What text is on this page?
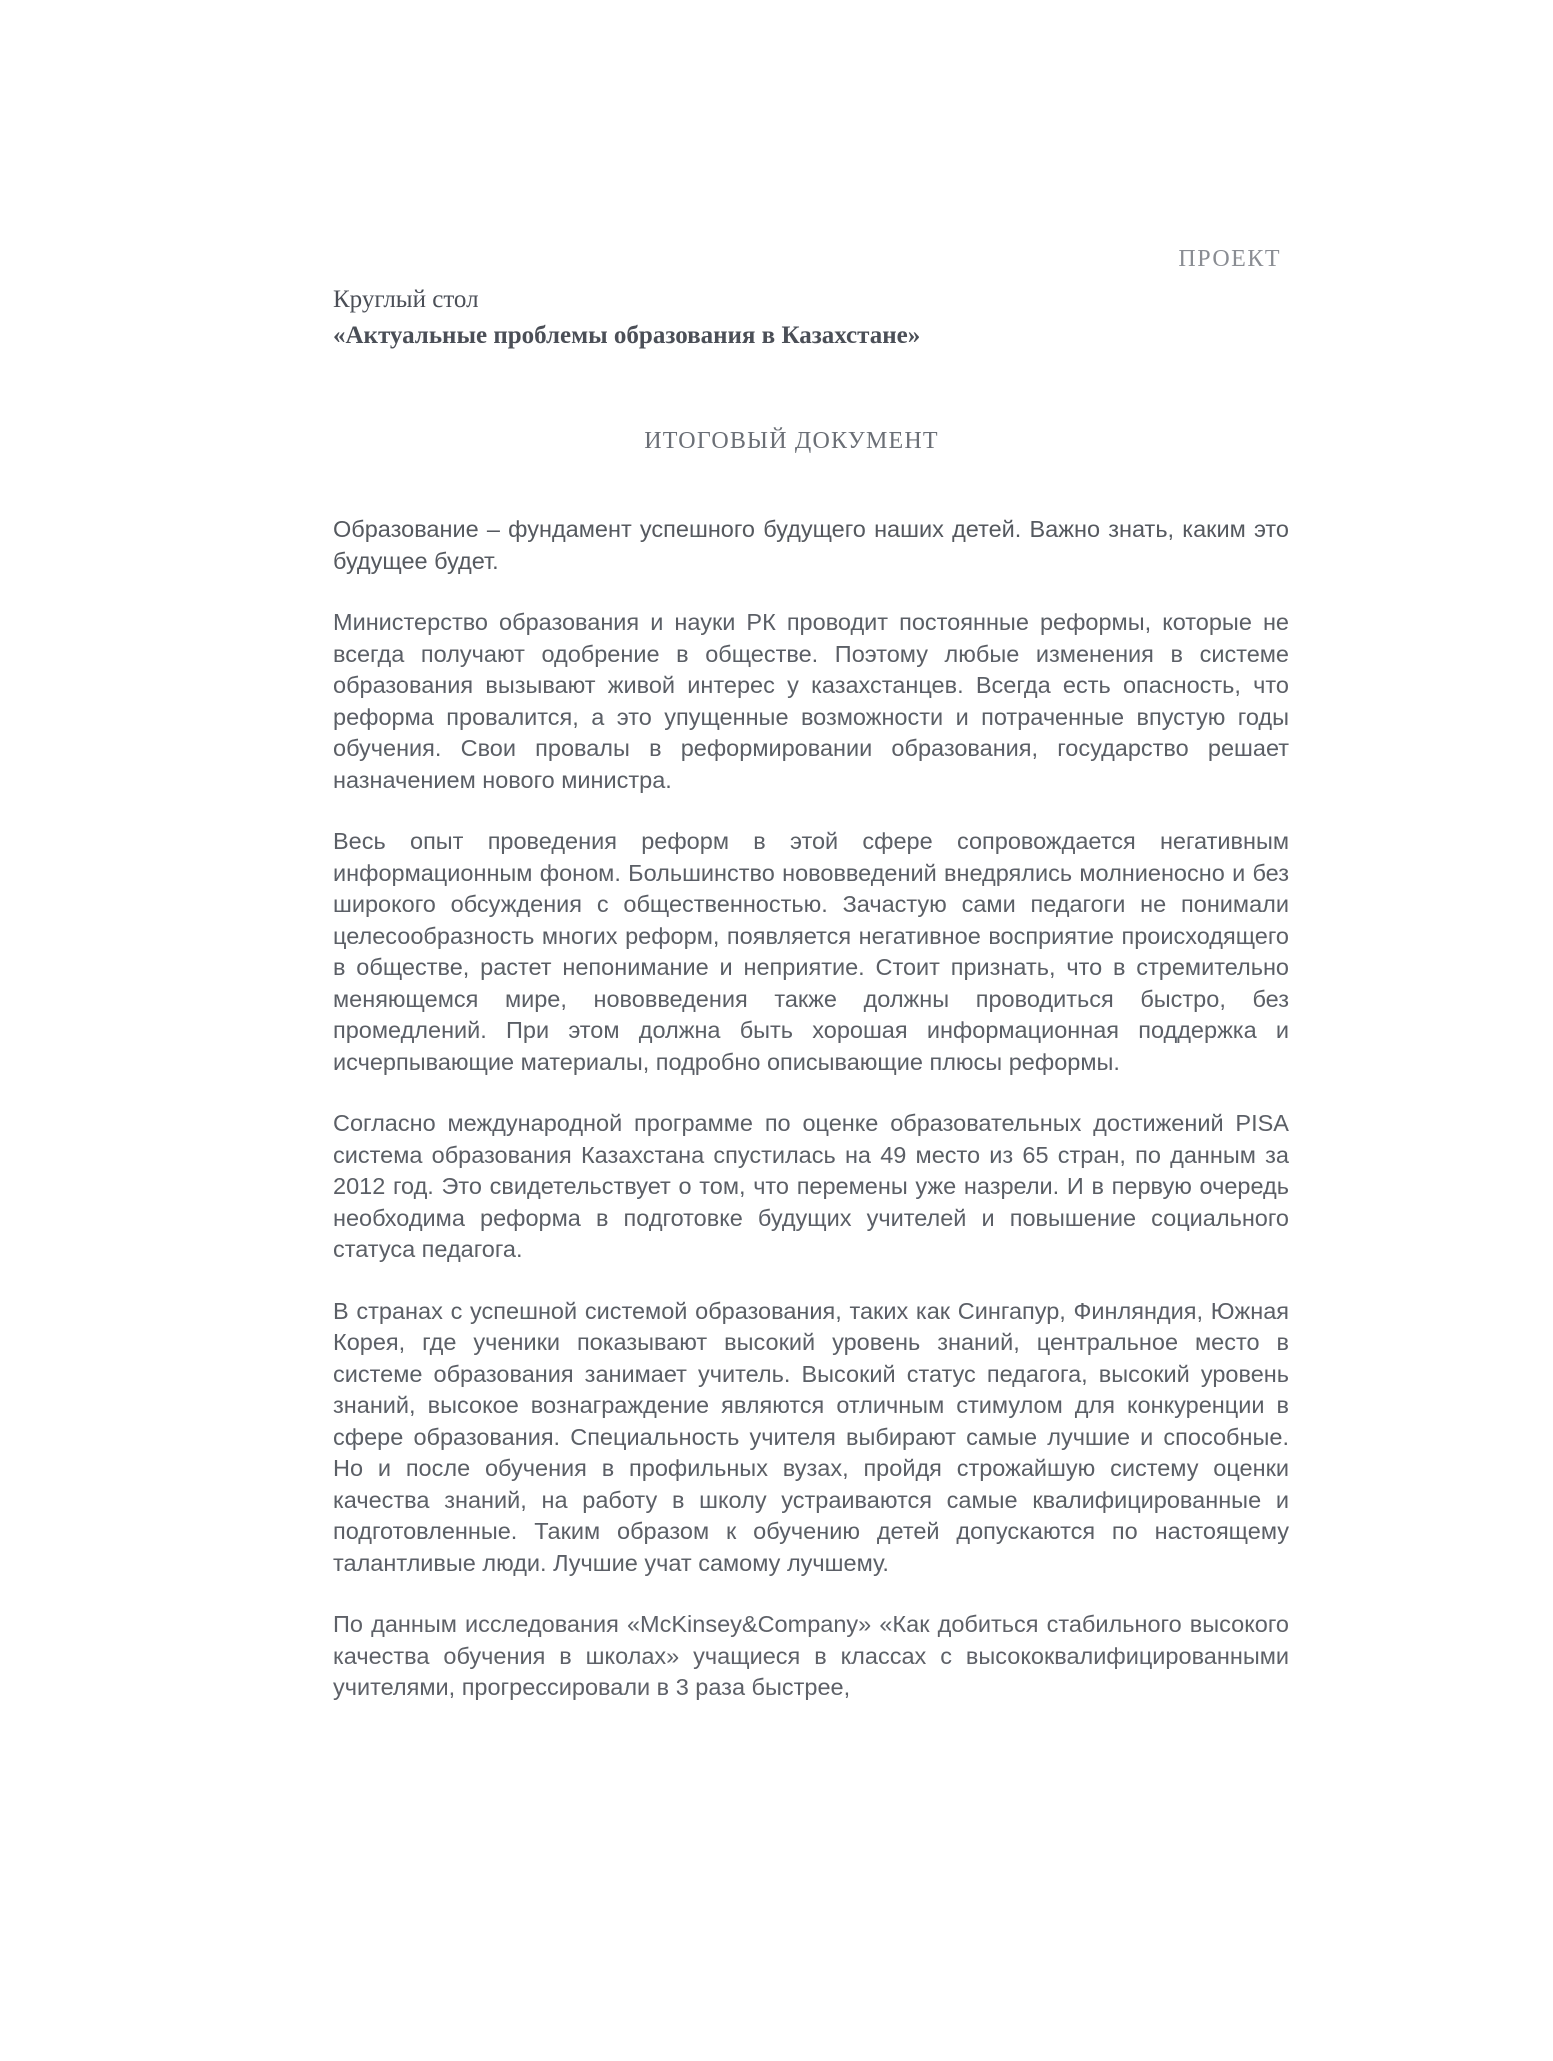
ПРОЕКТ
Круглый стол
«Актуальные проблемы образования в Казахстане»
ИТОГОВЫЙ ДОКУМЕНТ

Образование – фундамент успешного будущего наших детей. Важно знать, каким это будущее будет.

Министерство образования и науки РК проводит постоянные реформы, которые не всегда получают одобрение в обществе. Поэтому любые изменения в системе образования вызывают живой интерес у казахстанцев. Всегда есть опасность, что реформа провалится, а это упущенные возможности и потраченные впустую годы обучения. Свои провалы в реформировании образования, государство решает назначением нового министра.

Весь опыт проведения реформ в этой сфере сопровождается негативным информационным фоном. Большинство нововведений внедрялись молниеносно и без широкого обсуждения с общественностью. Зачастую сами педагоги не понимали целесообразность многих реформ, появляется негативное восприятие происходящего в обществе, растет непонимание и неприятие. Стоит признать, что в стремительно меняющемся мире, нововведения также должны проводиться быстро, без промедлений. При этом должна быть хорошая информационная поддержка и исчерпывающие материалы, подробно описывающие плюсы реформы.

Согласно международной программе по оценке образовательных достижений PISA система образования Казахстана спустилась на 49 место из 65 стран, по данным за 2012 год. Это свидетельствует о том, что перемены уже назрели. И в первую очередь необходима реформа в подготовке будущих учителей и повышение социального статуса педагога.

В странах с успешной системой образования, таких как Сингапур, Финляндия, Южная Корея, где ученики показывают высокий уровень знаний, центральное место в системе образования занимает учитель. Высокий статус педагога, высокий уровень знаний, высокое вознаграждение являются отличным стимулом для конкуренции в сфере образования. Специальность учителя выбирают самые лучшие и способные. Но и после обучения в профильных вузах, пройдя строжайшую систему оценки качества знаний, на работу в школу устраиваются самые квалифицированные и подготовленные. Таким образом к обучению детей допускаются по настоящему талантливые люди. Лучшие учат самому лучшему.

По данным исследования «McKinsey&Company» «Как добиться стабильного высокого качества обучения в школах» учащиеся в классах с высококвалифицированными учителями, прогрессировали в 3 раза быстрее,
